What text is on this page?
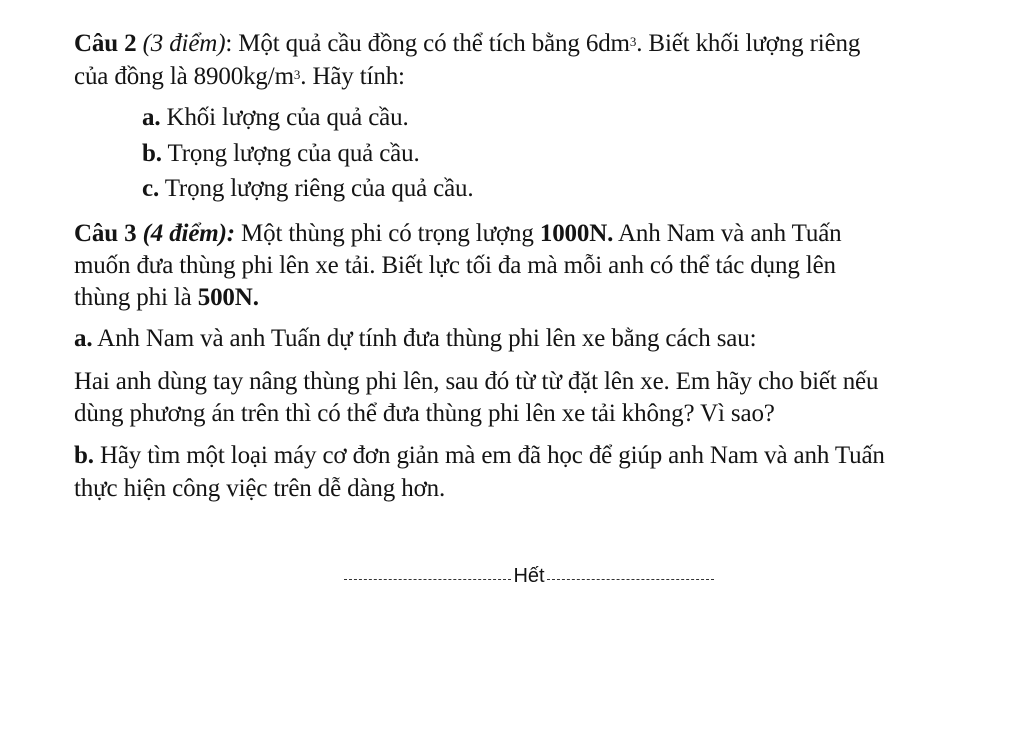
Câu 2 (3 điểm): Một quả cầu đồng có thể tích bằng $6dm^3$. Biết khối lượng riêng
của đồng là $8900kg/m^3$. Hãy tính:
a. Khối lượng của quả cầu.
b. Trọng lượng của quả cầu.
c. Trọng lượng riêng của quả cầu.
Câu 3 (4 điểm): Một thùng phi có trọng lượng 1000N. Anh Nam và anh Tuấn
muốn đưa thùng phi lên xe tải. Biết lực tối đa mà mỗi anh có thể tác dụng lên
thùng phi là 500N.
a. Anh Nam và anh Tuấn dự tính đưa thùng phi lên xe bằng cách sau:
Hai anh dùng tay nâng thùng phi lên, sau đó từ từ đặt lên xe. Em hãy cho biết nếu
dùng phương án trên thì có thể đưa thùng phi lên xe tải không? Vì sao?
b. Hãy tìm một loại máy cơ đơn giản mà em đã học để giúp anh Nam và anh Tuấn
thực hiện công việc trên dễ dàng hơn.
Hết
